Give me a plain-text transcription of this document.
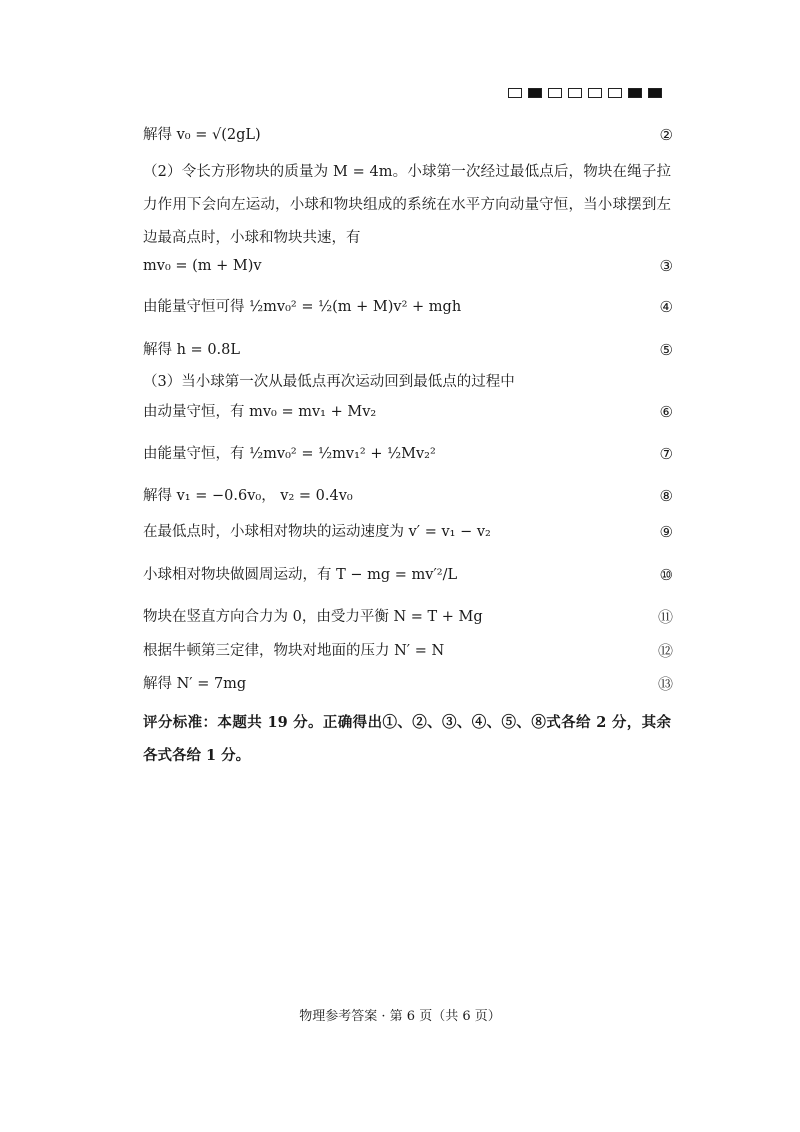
（2）令长方形物块的质量为 M = 4m。小球第一次经过最低点后，物块在绳子拉力作用下会向左运动，小球和物块组成的系统在水平方向动量守恒，当小球摆到左边最高点时，小球和物块共速，有
解得 v₀ = √(2gL)	②
mv₀ = (m + M)v	③
由能量守恒可得 ½mv₀² = ½(m + M)v² + mgh	④
解得 h = 0.8L	⑤
（3）当小球第一次从最低点再次运动回到最低点的过程中
由动量守恒，有 mv₀ = mv₁ + Mv₂	⑥
由能量守恒，有 ½mv₀² = ½mv₁² + ½Mv₂²	⑦
解得 v₁ = −0.6v₀， v₂ = 0.4v₀	⑧
在最低点时，小球相对物块的运动速度为 v′ = v₁ − v₂	⑨
小球相对物块做圆周运动，有 T − mg = mv′²/L	⑩
物块在竖直方向合力为 0，由受力平衡 N = T + Mg	⑪
根据牛顿第三定律，物块对地面的压力 N′ = N	⑫
解得 N′ = 7mg	⑬
评分标准：本题共 19 分。正确得出①、②、③、④、⑤、⑧式各给 2 分，其余各式各给 1 分。
物理参考答案 · 第 6 页（共 6 页）
